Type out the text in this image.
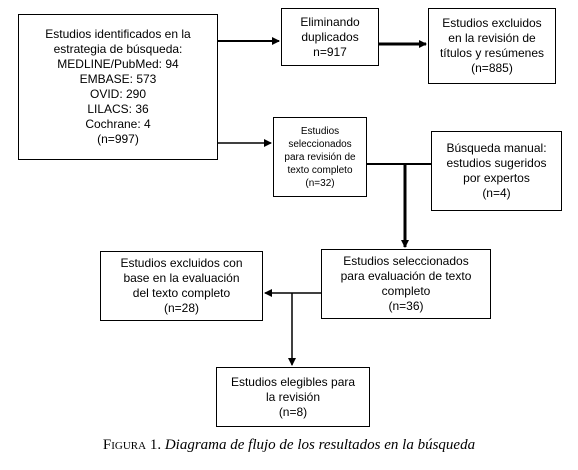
Estudios identificados en la
estrategia de búsqueda:
MEDLINE/PubMed: 94
EMBASE: 573
OVID: 290
LILACS: 36
Cochrane: 4
(n=997)
Eliminando
duplicados
n=917
Estudios excluidos
en la revisión de
títulos y resúmenes
(n=885)
Estudios
seleccionados
para revisión de
texto completo
(n=32)
Búsqueda manual:
estudios sugeridos
por expertos
(n=4)
Estudios seleccionados
para evaluación de texto
completo
(n=36)
Estudios excluidos con
base en la evaluación
del texto completo
(n=28)
Estudios elegibles para
la revisión
(n=8)
Figura 1. Diagrama de flujo de los resultados en la búsqueda
